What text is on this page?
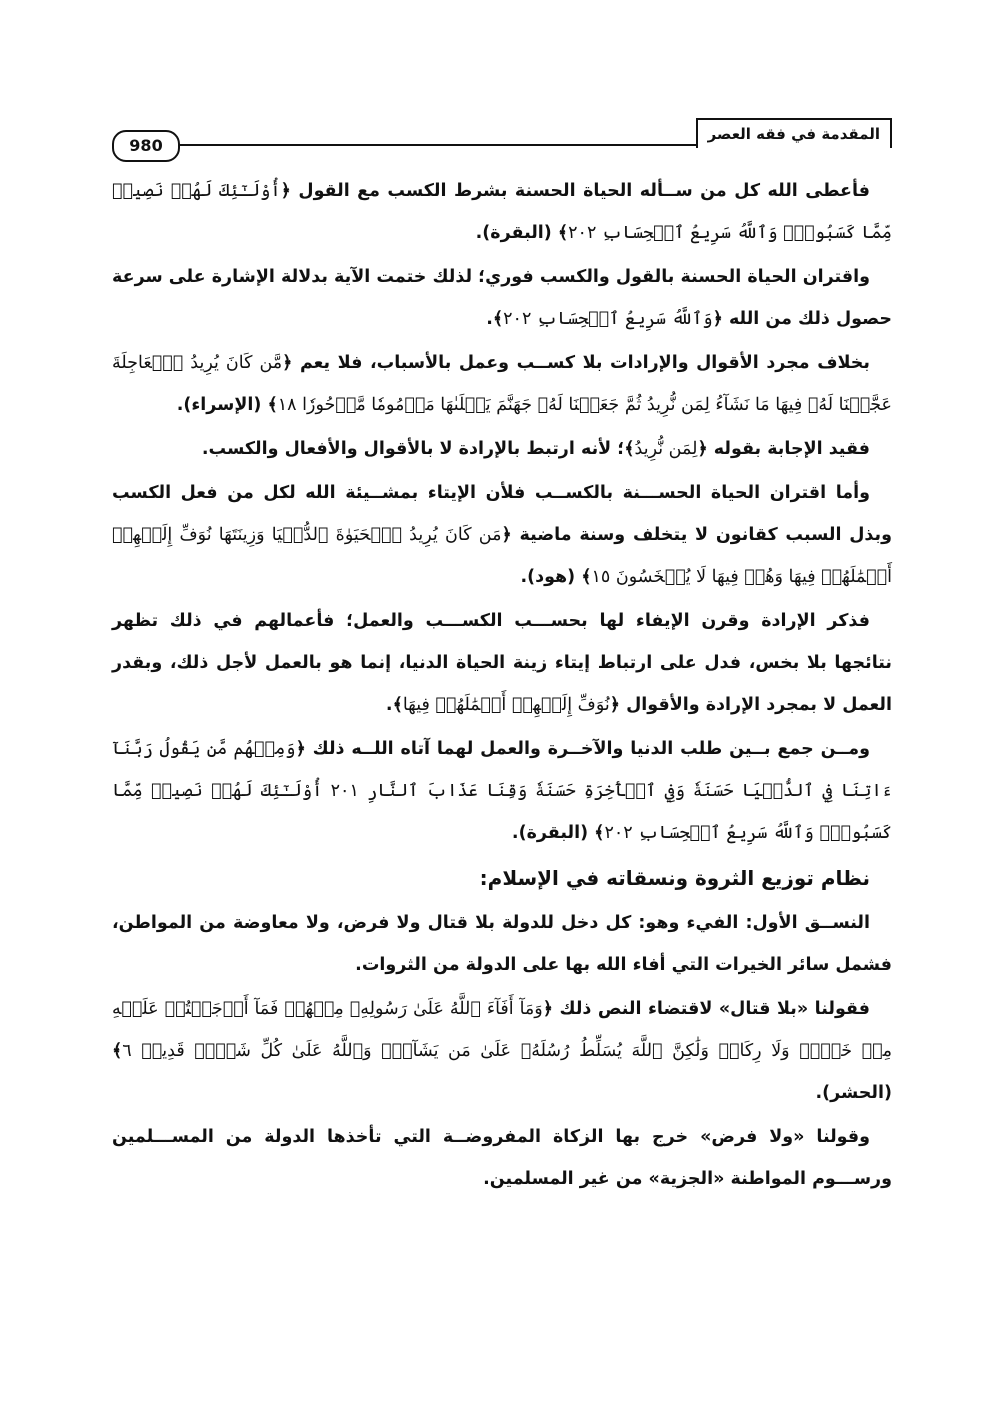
المقدمة في فقه العصر
980

فأعطى الله كل من ســأله الحياة الحسنة بشرط الكسب مع القول ﴿أُوْلَـٰٓئِكَ لَهُمۡ نَصِيبٞ مِّمَّا كَسَبُواْۚ وَٱللَّهُ سَرِيعُ ٱلۡحِسَابِ ٢٠٢﴾ (البقرة).

واقتران الحياة الحسنة بالقول والكسب فوري؛ لذلك ختمت الآية بدلالة الإشارة على سرعة حصول ذلك من الله ﴿وَٱللَّهُ سَرِيعُ ٱلۡحِسَابِ ٢٠٢﴾.

بخلاف مجرد الأقوال والإرادات بلا كســب وعمل بالأسباب، فلا يعم ﴿مَّن كَانَ يُرِيدُ ٱلۡعَاجِلَةَ عَجَّلۡنَا لَهُۥ فِيهَا مَا نَشَآءُ لِمَن نُّرِيدُ ثُمَّ جَعَلۡنَا لَهُۥ جَهَنَّمَ يَصۡلَىٰهَا مَذۡمُومٗا مَّدۡحُورٗا ١٨﴾ (الإسراء).

فقيد الإجابة بقوله ﴿لِمَن نُّرِيدُ﴾؛ لأنه ارتبط بالإرادة لا بالأقوال والأفعال والكسب.

وأما اقتران الحياة الحســـنة بالكســب فلأن الإيتاء بمشــيئة الله لكل من فعل الكسب وبذل السبب كقانون لا يتخلف وسنة ماضية ﴿مَن كَانَ يُرِيدُ ٱلۡحَيَوٰةَ ٱلدُّنۡيَا وَزِينَتَهَا نُوَفِّ إِلَيۡهِمۡ أَعۡمَٰلَهُمۡ فِيهَا وَهُمۡ فِيهَا لَا يُبۡخَسُونَ ١٥﴾ (هود).

فذكر الإرادة وقرن الإيفاء لها بحســـب الكســـب والعمل؛ فأعمالهم في ذلك تظهر نتائجها بلا بخس، فدل على ارتباط إيتاء زينة الحياة الدنيا، إنما هو بالعمل لأجل ذلك، وبقدر العمل لا بمجرد الإرادة والأقوال ﴿نُوَفِّ إِلَيۡهِمۡ أَعۡمَٰلَهُمۡ فِيهَا﴾.

ومــن جمع بــين طلب الدنيا والآخــرة والعمل لهما آتاه اللــه ذلك ﴿وَمِنۡهُم مَّن يَقُولُ رَبَّنَآ ءَاتِنَا فِي ٱلدُّنۡيَا حَسَنَةٗ وَفِي ٱلۡأٓخِرَةِ حَسَنَةٗ وَقِنَا عَذَابَ ٱلنَّارِ ٢٠١ أُوْلَـٰٓئِكَ لَهُمۡ نَصِيبٞ مِّمَّا كَسَبُواْۚ وَٱللَّهُ سَرِيعُ ٱلۡحِسَابِ ٢٠٢﴾ (البقرة).

نظام توزيع الثروة ونسقاته في الإسلام:

النســق الأول: الفيء وهو: كل دخل للدولة بلا قتال ولا فرض، ولا معاوضة من المواطن، فشمل سائر الخيرات التي أفاء الله بها على الدولة من الثروات.

فقولنا «بلا قتال» لاقتضاء النص ذلك ﴿وَمَآ أَفَآءَ ٱللَّهُ عَلَىٰ رَسُولِهِۦ مِنۡهُمۡ فَمَآ أَوۡجَفۡتُمۡ عَلَيۡهِ مِنۡ خَيۡلٖ وَلَا رِكَابٖ وَلَٰكِنَّ ٱللَّهَ يُسَلِّطُ رُسُلَهُۥ عَلَىٰ مَن يَشَآءُۚ وَٱللَّهُ عَلَىٰ كُلِّ شَيۡءٖ قَدِيرٞ ٦﴾ (الحشر).

وقولنا «ولا فرض» خرج بها الزكاة المفروضــة التي تأخذها الدولة من المســـلمين ورســـوم المواطنة «الجزية» من غير المسلمين.
